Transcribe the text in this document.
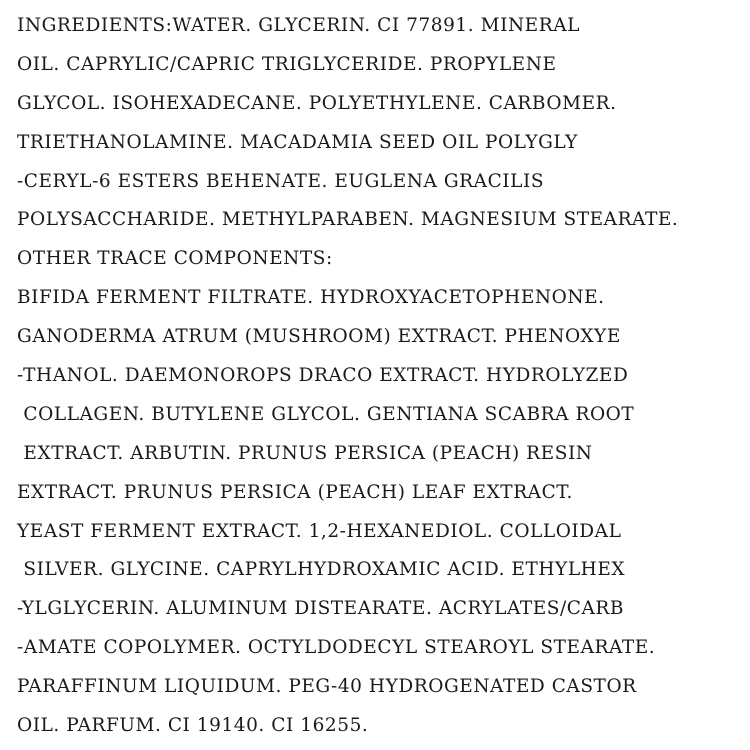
INGREDIENTS:WATER. GLYCERIN. CI 77891. MINERAL
OIL. CAPRYLIC/CAPRIC TRIGLYCERIDE. PROPYLENE
GLYCOL. ISOHEXADECANE. POLYETHYLENE. CARBOMER.
TRIETHANOLAMINE. MACADAMIA SEED OIL POLYGLY
-CERYL-6 ESTERS BEHENATE. EUGLENA GRACILIS
POLYSACCHARIDE. METHYLPARABEN. MAGNESIUM STEARATE.
OTHER TRACE COMPONENTS:
BIFIDA FERMENT FILTRATE. HYDROXYACETOPHENONE.
GANODERMA ATRUM (MUSHROOM) EXTRACT. PHENOXYE
-THANOL. DAEMONOROPS DRACO EXTRACT. HYDROLYZED
COLLAGEN. BUTYLENE GLYCOL. GENTIANA SCABRA ROOT
EXTRACT. ARBUTIN. PRUNUS PERSICA (PEACH) RESIN
EXTRACT. PRUNUS PERSICA (PEACH) LEAF EXTRACT.
YEAST FERMENT EXTRACT. 1,2-HEXANEDIOL. COLLOIDAL
SILVER. GLYCINE. CAPRYLHYDROXAMIC ACID. ETHYLHEX
-YLGLYCERIN. ALUMINUM DISTEARATE. ACRYLATES/CARB
-AMATE COPOLYMER. OCTYLDODECYL STEAROYL STEARATE.
PARAFFINUM LIQUIDUM. PEG-40 HYDROGENATED CASTOR
OIL. PARFUM. CI 19140. CI 16255.
